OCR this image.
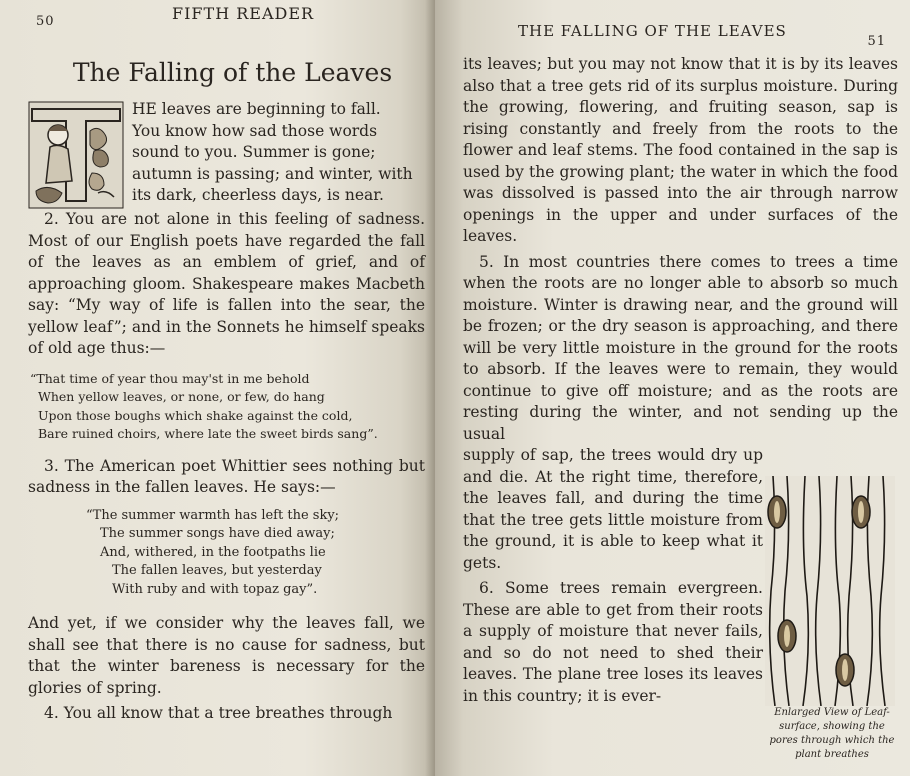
50	FIFTH READER
The Falling of the Leaves

HE leaves are beginning to fall.
You know how sad those words
sound to you. Summer is gone;
autumn is passing; and winter, with
its dark, cheerless days, is near.

2. You are not alone in this feeling of sadness. Most of our English poets have regarded the fall of the leaves as an emblem of grief, and of approaching gloom. Shakespeare makes Macbeth say: “My way of life is fallen into the sear, the yellow leaf”; and in the Sonnets he himself speaks of old age thus:—

“That time of year thou may'st in me behold
When yellow leaves, or none, or few, do hang
Upon those boughs which shake against the cold,
Bare ruined choirs, where late the sweet birds sang”.

3. The American poet Whittier sees nothing but sadness in the fallen leaves. He says:—

“The summer warmth has left the sky;
The summer songs have died away;
And, withered, in the footpaths lie
The fallen leaves, but yesterday
With ruby and with topaz gay”.

And yet, if we consider why the leaves fall, we shall see that there is no cause for sadness, but that the winter bareness is necessary for the glories of spring.

4. You all know that a tree breathes through

THE FALLING OF THE LEAVES
51

its leaves; but you may not know that it is by its leaves also that a tree gets rid of its surplus moisture. During the growing, flowering, and fruiting season, sap is rising constantly and freely from the roots to the flower and leaf stems. The food contained in the sap is used by the growing plant; the water in which the food was dissolved is passed into the air through narrow openings in the upper and under surfaces of the leaves.

5. In most countries there comes to trees a time when the roots are no longer able to absorb so much moisture. Winter is drawing near, and the ground will be frozen; or the dry season is approaching, and there will be very little moisture in the ground for the roots to absorb. If the leaves were to remain, they would continue to give off moisture; and as the roots are resting during the winter, and not sending up the usual

supply of sap, the trees would dry up and die. At the right time, therefore, the leaves fall, and during the time that the tree gets little moisture from the ground, it is able to keep what it gets.

6. Some trees remain evergreen. These are able to get from their roots a supply of moisture that never fails, and so do not need to shed their leaves. The plane tree loses its leaves in this country; it is ever-

Enlarged View of Leaf-surface, showing the pores through which the plant breathes
